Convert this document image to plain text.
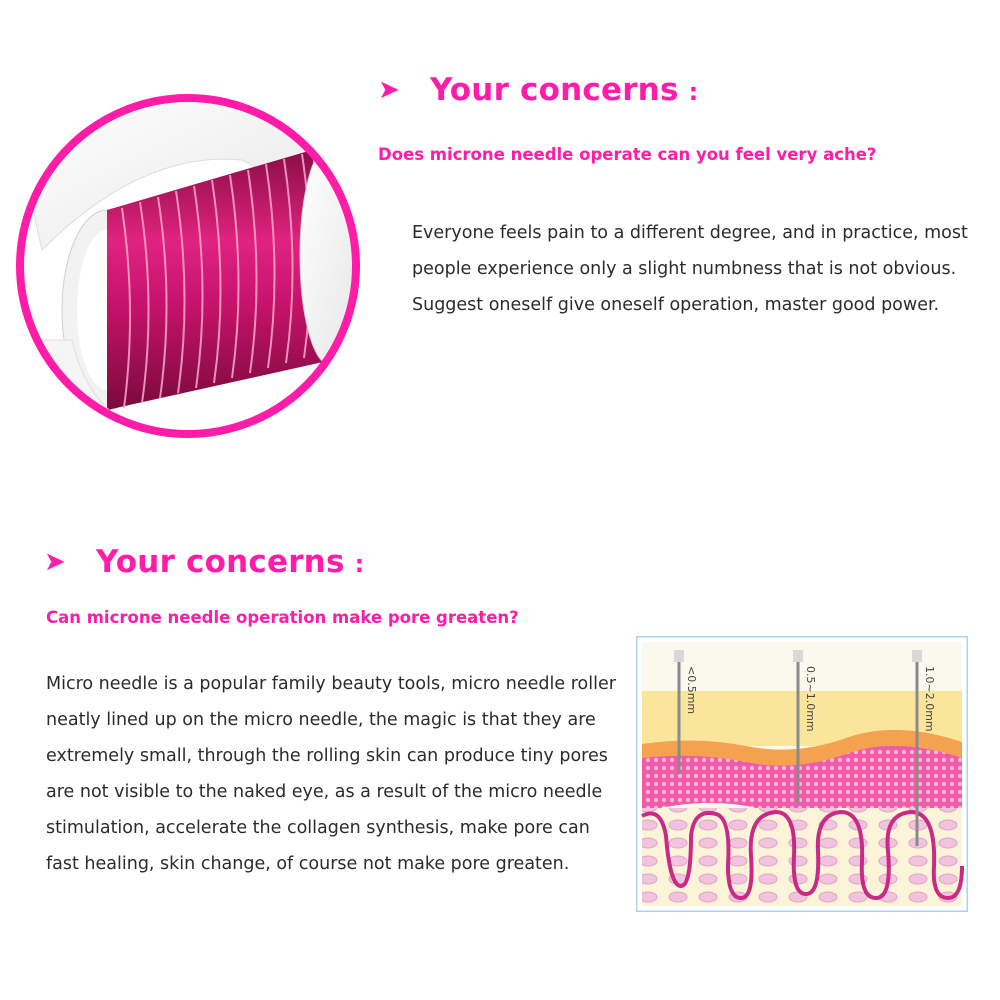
➤ Your concerns :
Does microne needle operate can you feel very ache?

Everyone feels pain to a different degree, and in practice, most people experience only a slight numbness that is not obvious. Suggest oneself give oneself operation, master good power.

➤ Your concerns :
Can microne needle operation make pore greaten?

Micro needle is a popular family beauty tools, micro needle roller neatly lined up on the micro needle, the magic is that they are extremely small, through the rolling skin can produce tiny pores are not visible to the naked eye, as a result of the micro needle stimulation, accelerate the collagen synthesis, make pore can fast healing, skin change, of course not make pore greaten.

<0.5mm	0.5~1.0mm	1.0~2.0mm
